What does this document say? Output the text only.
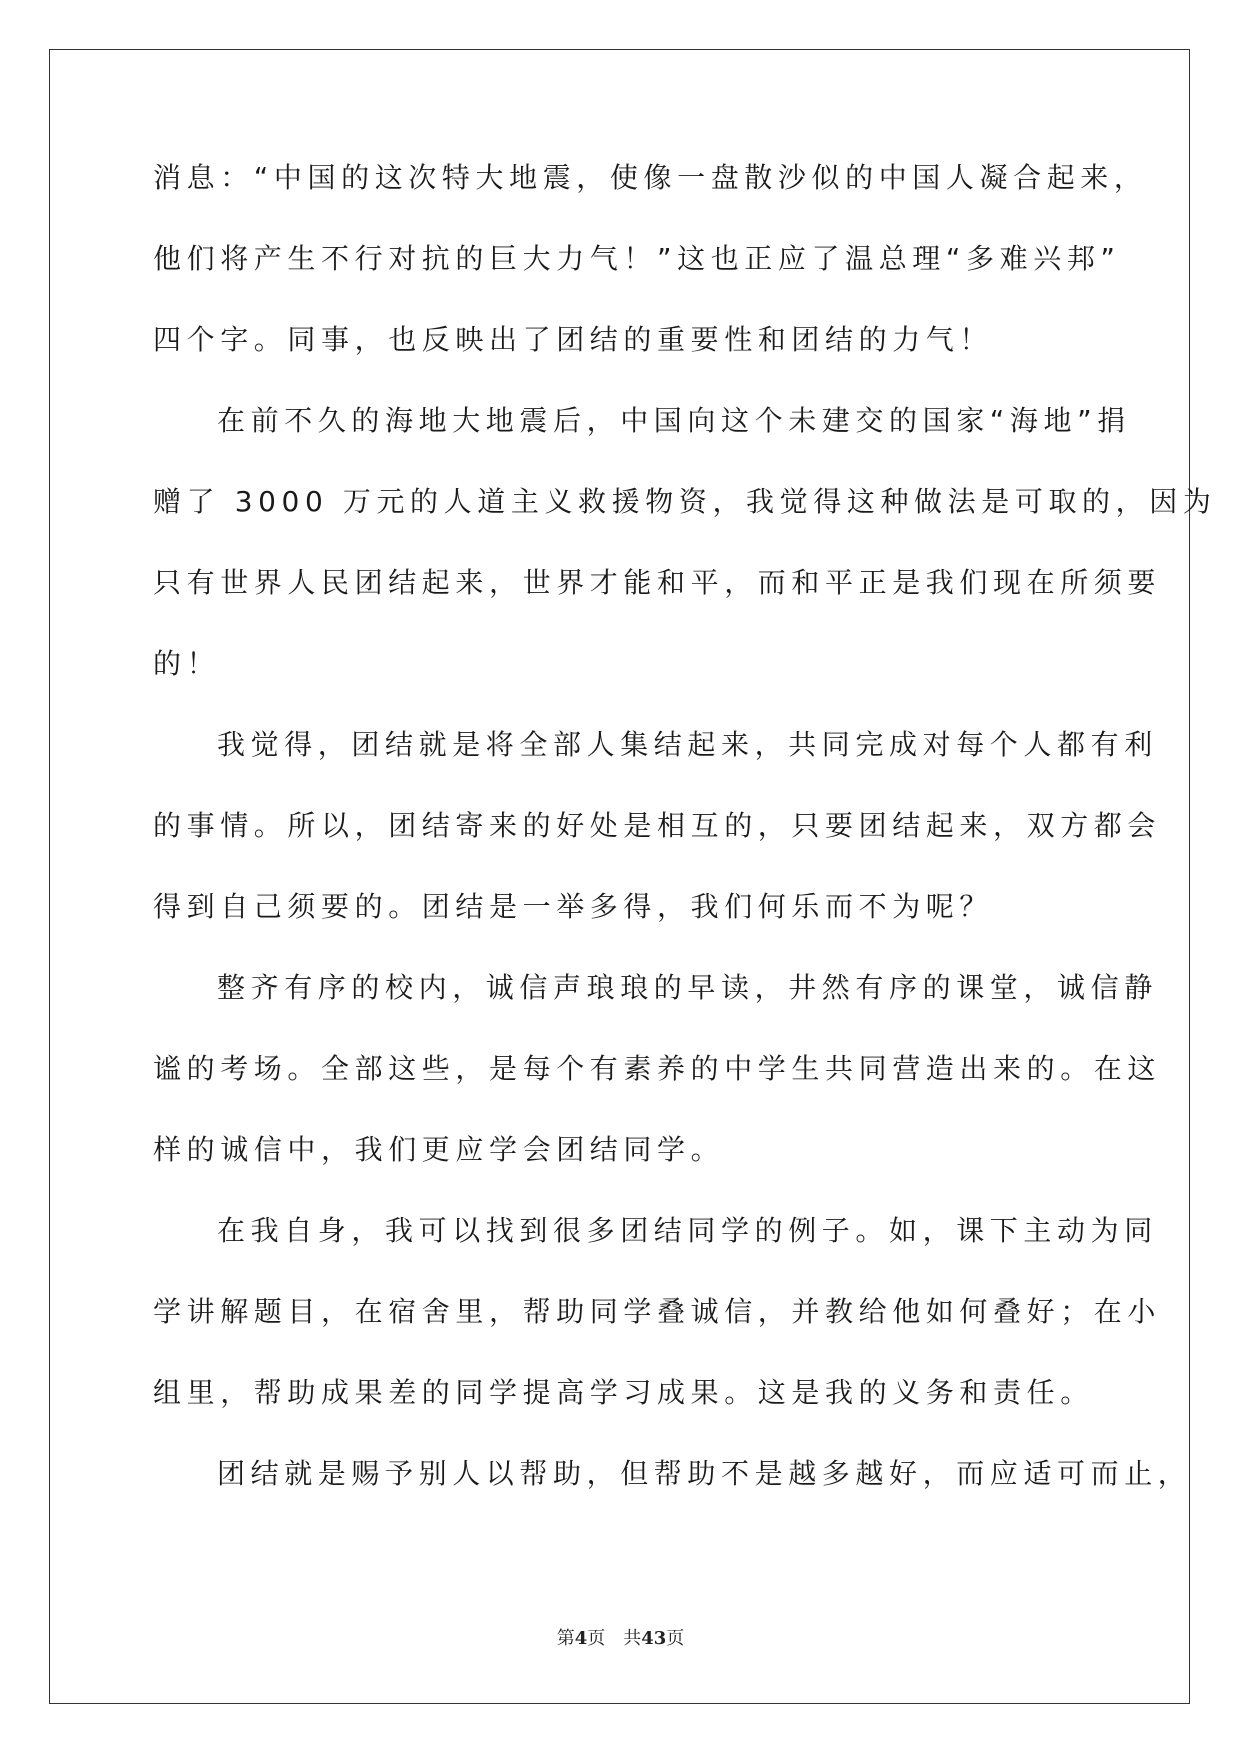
消息：“中国的这次特大地震，使像一盘散沙似的中国人凝合起来，
他们将产生不行对抗的巨大力气！”这也正应了温总理“多难兴邦”
四个字。同事，也反映出了团结的重要性和团结的力气！
在前不久的海地大地震后，中国向这个未建交的国家“海地”捐
赠了 3000 万元的人道主义救援物资，我觉得这种做法是可取的，因为
只有世界人民团结起来，世界才能和平，而和平正是我们现在所须要
的！
我觉得，团结就是将全部人集结起来，共同完成对每个人都有利
的事情。所以，团结寄来的好处是相互的，只要团结起来，双方都会
得到自己须要的。团结是一举多得，我们何乐而不为呢？
整齐有序的校内，诚信声琅琅的早读，井然有序的课堂，诚信静
谧的考场。全部这些，是每个有素养的中学生共同营造出来的。在这
样的诚信中，我们更应学会团结同学。
在我自身，我可以找到很多团结同学的例子。如，课下主动为同
学讲解题目，在宿舍里，帮助同学叠诚信，并教给他如何叠好；在小
组里，帮助成果差的同学提高学习成果。这是我的义务和责任。
团结就是赐予别人以帮助，但帮助不是越多越好，而应适可而止，
第4页 共43页
